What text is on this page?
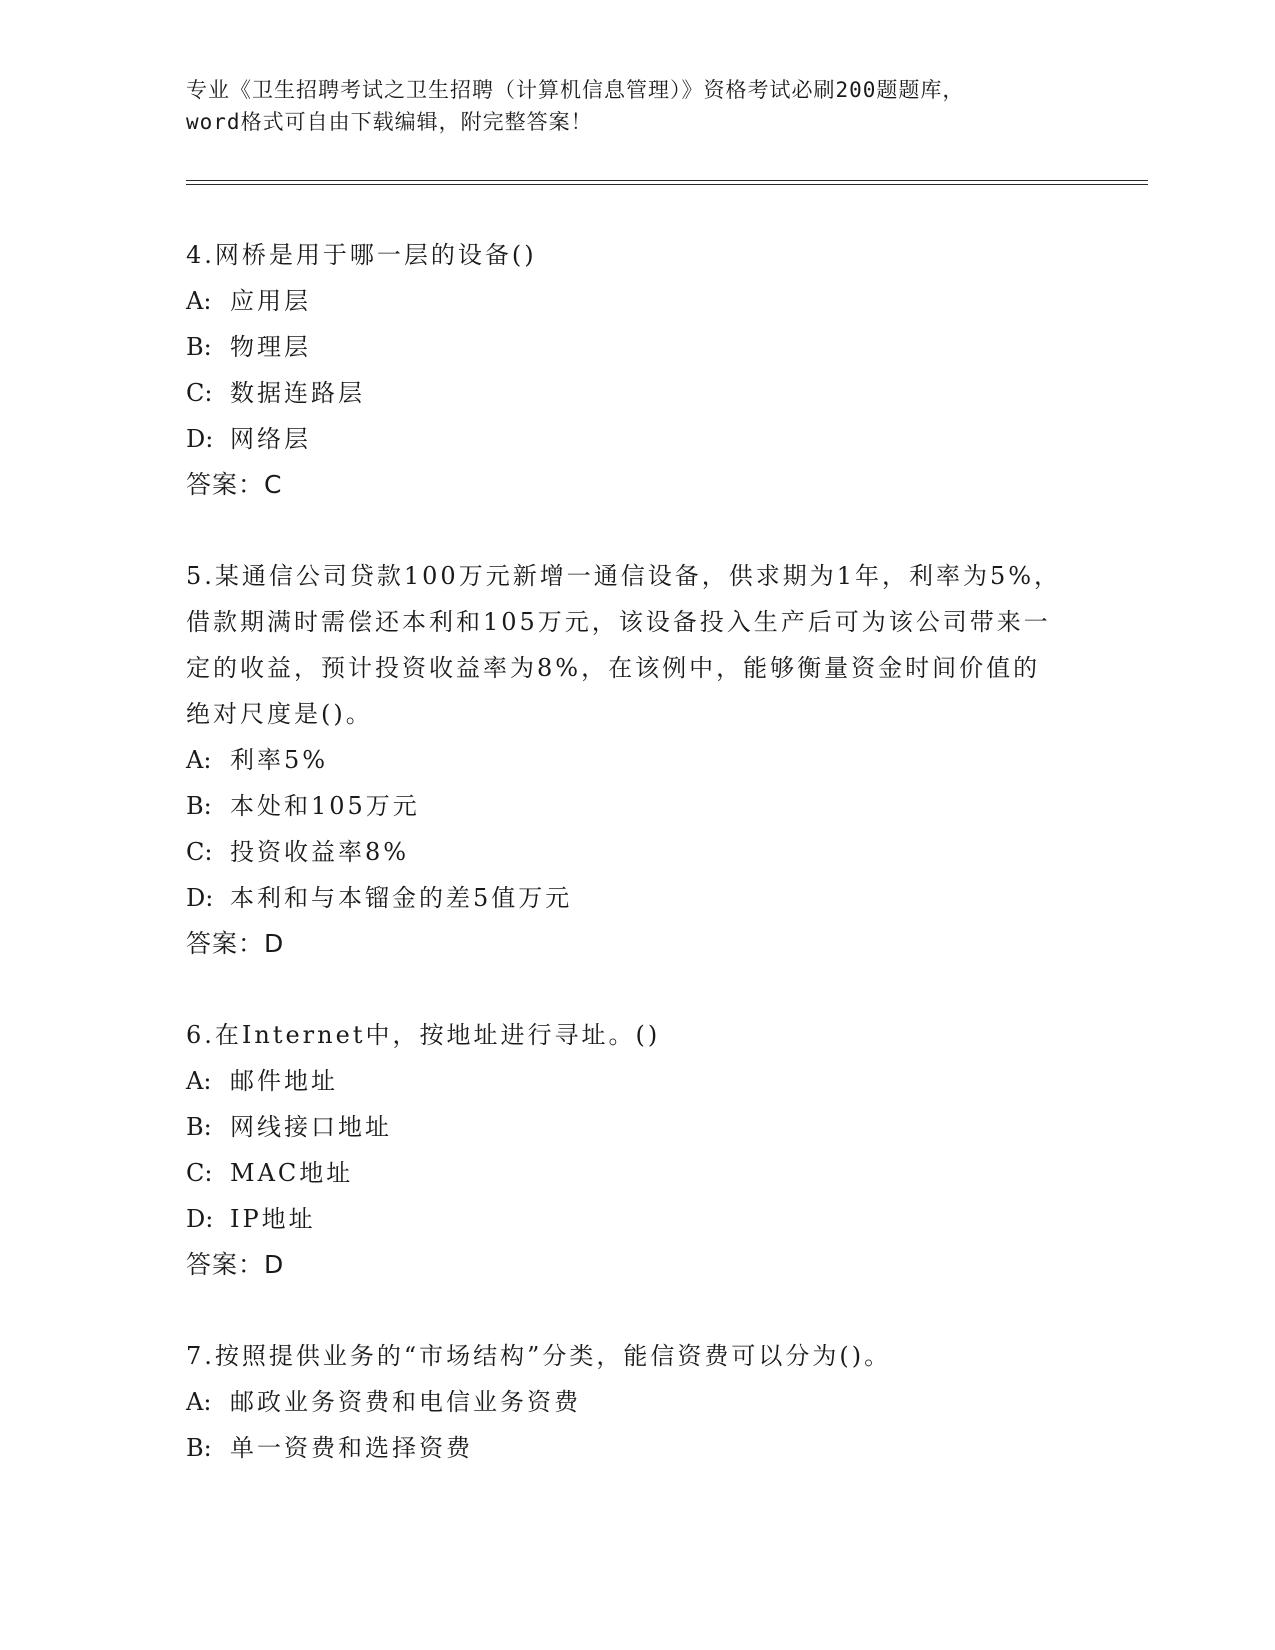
专业《卫生招聘考试之卫生招聘（计算机信息管理）》资格考试必刷200题题库，
word格式可自由下载编辑，附完整答案！
4.网桥是用于哪一层的设备()
A: 应用层
B: 物理层
C: 数据连路层
D: 网络层
答案：C
5.某通信公司贷款100万元新增一通信设备，供求期为1年，利率为5%，借款期满时需偿还本利和105万元，该设备投入生产后可为该公司带来一定的收益，预计投资收益率为8%，在该例中，能够衡量资金时间价值的绝对尺度是()。
A: 利率5%
B: 本处和105万元
C: 投资收益率8%
D: 本利和与本镏金的差5值万元
答案：D
6.在Internet中，按地址进行寻址。()
A: 邮件地址
B: 网线接口地址
C: MAC地址
D: IP地址
答案：D
7.按照提供业务的“市场结构”分类，能信资费可以分为()。
A: 邮政业务资费和电信业务资费
B: 单一资费和选择资费
